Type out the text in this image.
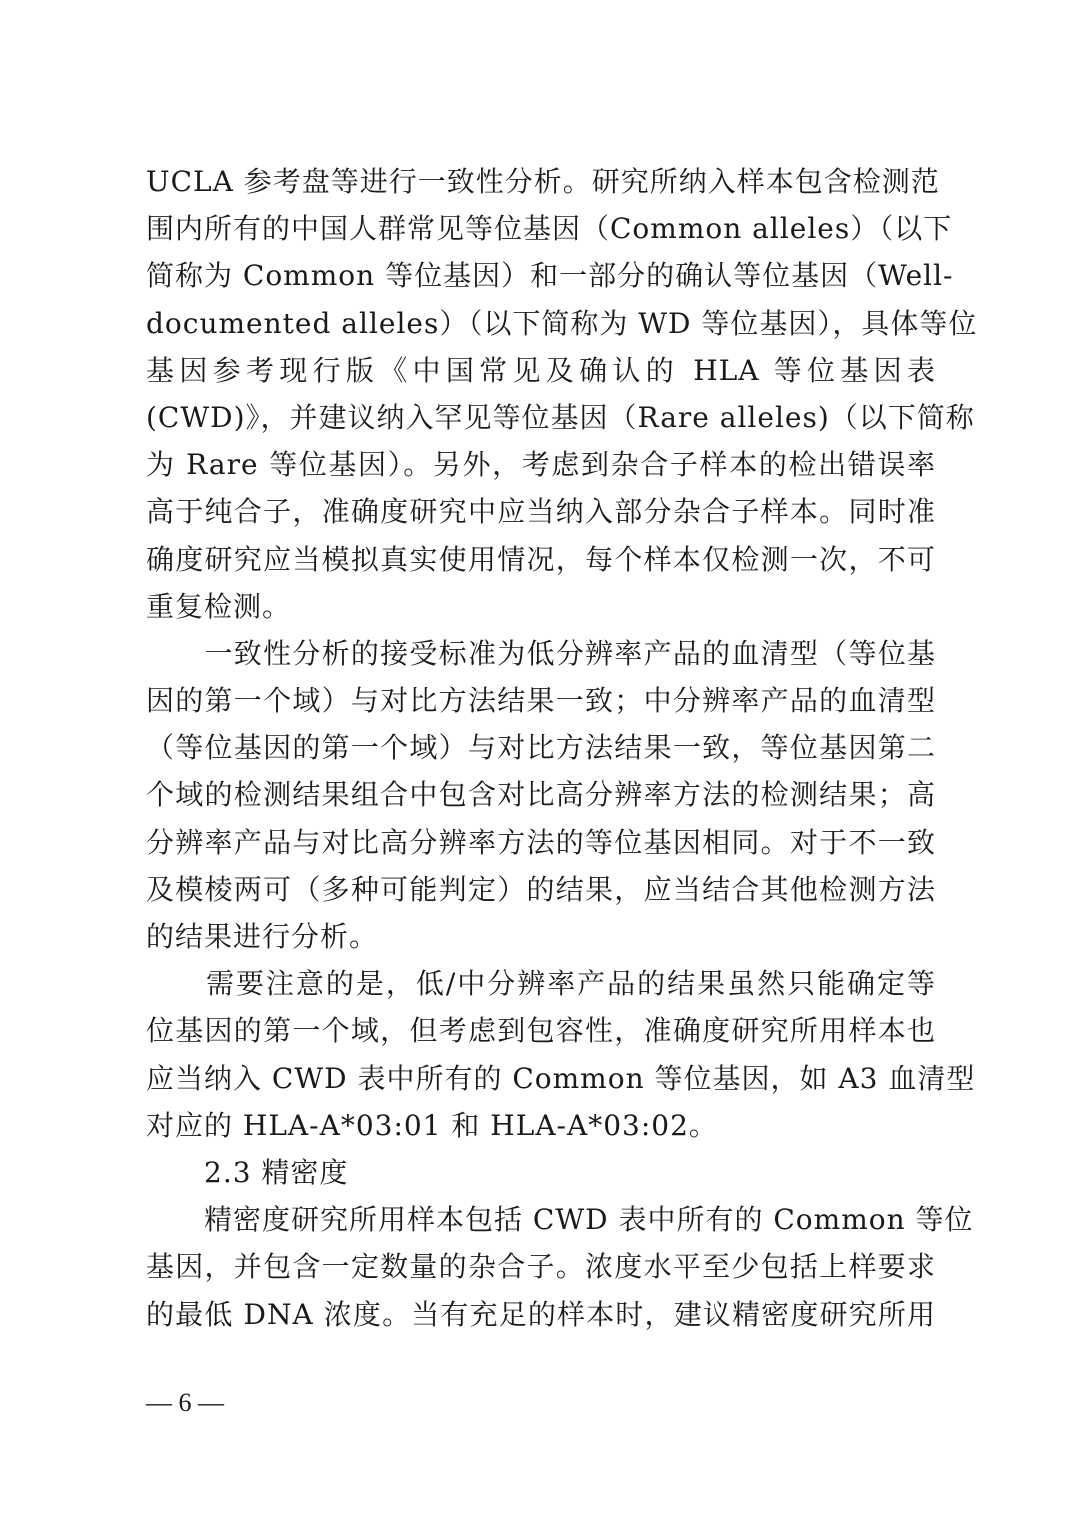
UCLA 参考盘等进行一致性分析。研究所纳入样本包含检测范
围内所有的中国人群常见等位基因（Common alleles）（以下
简称为 Common 等位基因）和一部分的确认等位基因（Well-
documented alleles）（以下简称为 WD 等位基因），具体等位
基因参考现行版《中国常见及确认的 HLA 等位基因表
(CWD)》，并建议纳入罕见等位基因（Rare alleles)（以下简称
为 Rare 等位基因）。另外，考虑到杂合子样本的检出错误率
高于纯合子，准确度研究中应当纳入部分杂合子样本。同时准
确度研究应当模拟真实使用情况，每个样本仅检测一次，不可
重复检测。
　　一致性分析的接受标准为低分辨率产品的血清型（等位基
因的第一个域）与对比方法结果一致；中分辨率产品的血清型
（等位基因的第一个域）与对比方法结果一致，等位基因第二
个域的检测结果组合中包含对比高分辨率方法的检测结果；高
分辨率产品与对比高分辨率方法的等位基因相同。对于不一致
及模棱两可（多种可能判定）的结果，应当结合其他检测方法
的结果进行分析。
　　需要注意的是，低/中分辨率产品的结果虽然只能确定等
位基因的第一个域，但考虑到包容性，准确度研究所用样本也
应当纳入 CWD 表中所有的 Common 等位基因，如 A3 血清型
对应的 HLA-A*03:01 和 HLA-A*03:02。
　　2.3 精密度
　　精密度研究所用样本包括 CWD 表中所有的 Common 等位
基因，并包含一定数量的杂合子。浓度水平至少包括上样要求
的最低 DNA 浓度。当有充足的样本时，建议精密度研究所用
— 6 —
